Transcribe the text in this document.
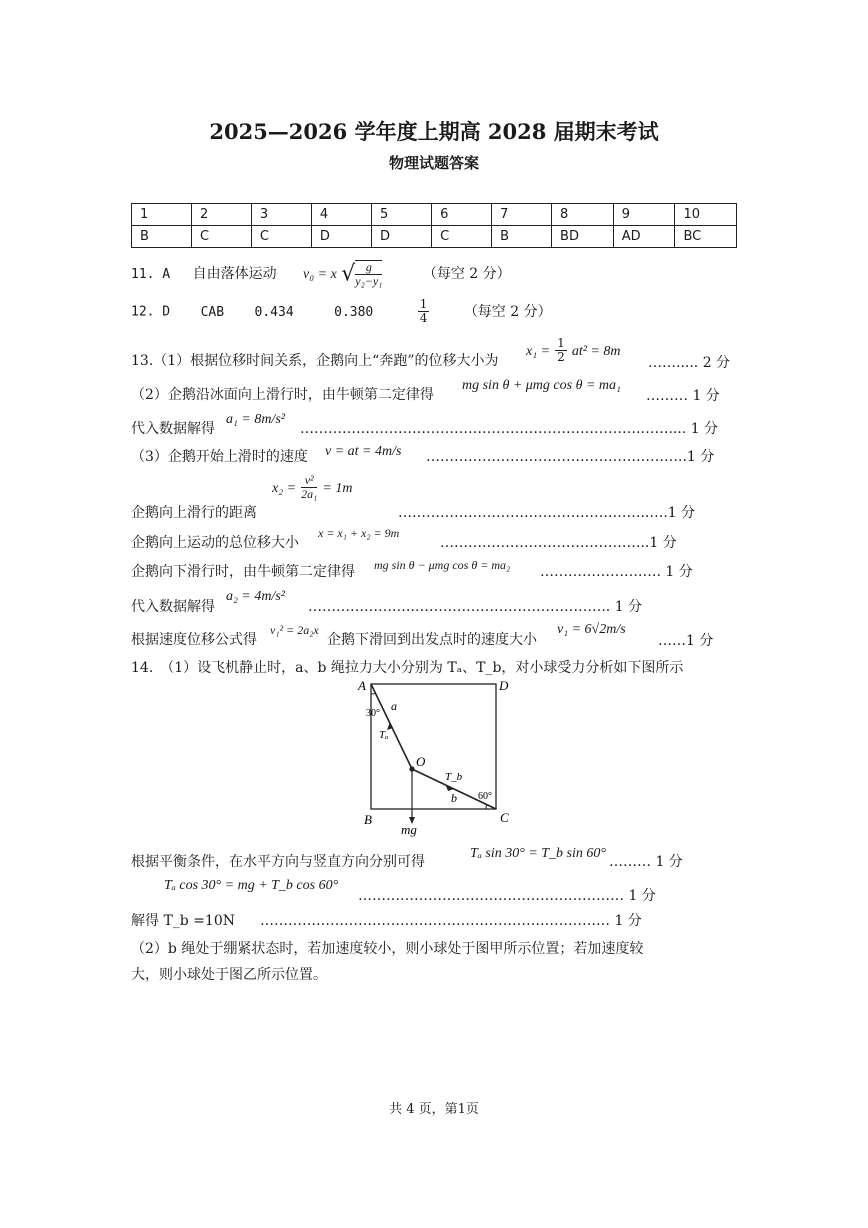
2025—2026 学年度上期高 2028 届期末考试
物理试题答案
1	2	3	4	5	6	7	8	9	10
B	C	C	D	D	C	B	BD	AD	BC
11. A 自由落体运动 v₀ = x √ $\frac{g}{\text{y₂−y₁}}$	（每空 2 分）
12. D CAB 0.434	0.380	$\frac{1}{4}$ （每空 2 分）
13.（1）根据位移时间关系，企鹅向上“奔跑”的位移大小为
$x_1 = \frac{1}{2} at^2 = 8m$
……..... 2 分
（2）企鹅沿冰面向上滑行时，由牛顿第二定律得
mg sin θ + μmg cos θ = ma₁
……… 1 分
代入数据解得
a₁ = 8m/s²
……………………………………………………………….…….... 1 分
（3）企鹅开始上滑时的速度 v = at = 4m/s ………………………………………………..1 分
$x_2 = \frac{\text{v²}}{\text{2a₁}} = 1m$
企鹅向上滑行的距离	……………………………………….……..….1 分
企鹅向上运动的总位移大小
x = x₁ + x₂ = 9m
……….……………………………..1 分
企鹅向下滑行时，由牛顿第二定律得 mg sin θ − μmg cos θ = ma₂ ………………….…. 1 分
代入数据解得
a₂ = 4m/s²
……………….….……….………………………….. 1 分
根据速度位移公式得
v₁² = 2a₂x
企鹅下滑回到出发点时的速度大小
v₁ = 6√2m/s
……1 分
14.　（1）设飞机静止时，a、b 绳拉力大小分别为 Tₐ、T_b，对小球受力分析如下图所示
A	D
B	C
O
a
b
Tₐ
T_b
30°
60°
mg
根据平衡条件，在水平方向与竖直方向分别可得
Tₐ sin 30° = T_b sin 60°
……… 1 分
Tₐ cos 30° = mg + T_b cos 60°
………………………………………………… 1 分
解得 T_b =10N ………………………………………………………………… 1 分
（2）b 绳处于绷紧状态时，若加速度较小，则小球处于图甲所示位置；若加速度较
大，则小球处于图乙所示位置。
共 4 页，第1页
